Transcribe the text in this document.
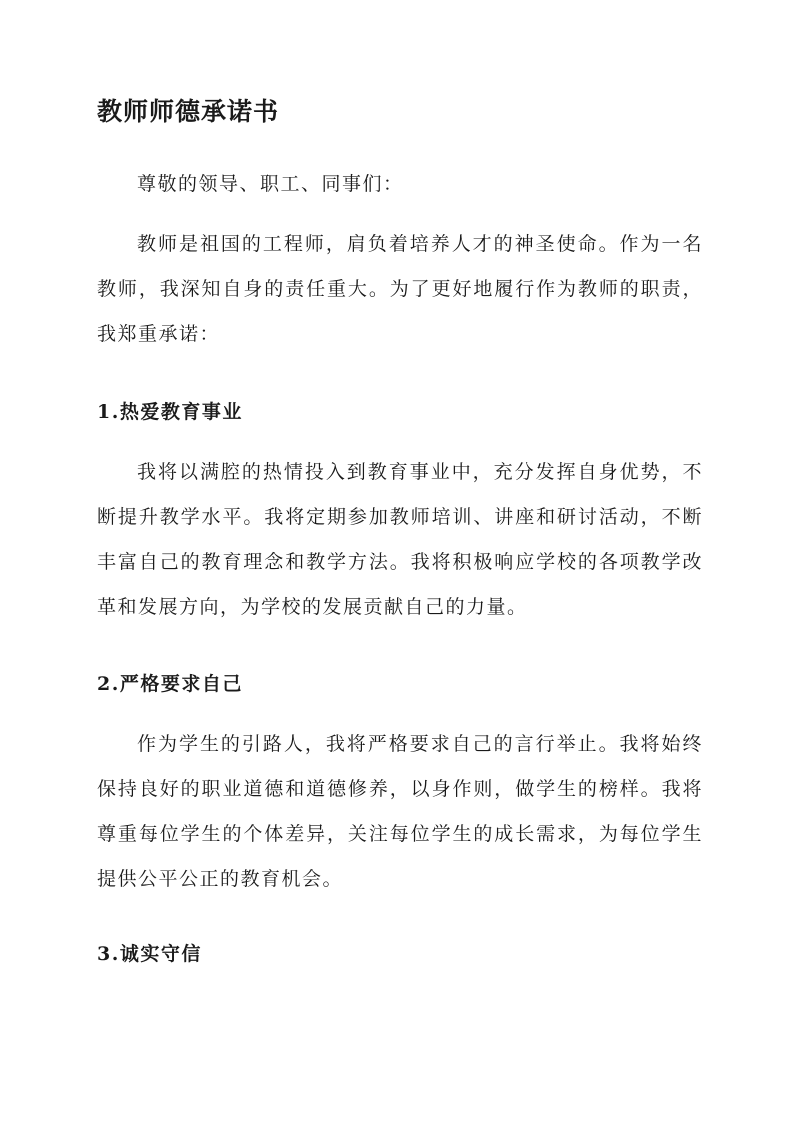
教师师德承诺书

尊敬的领导、职工、同事们：

教师是祖国的工程师，肩负着培养人才的神圣使命。作为一名教师，我深知自身的责任重大。为了更好地履行作为教师的职责，我郑重承诺：

1.热爱教育事业

我将以满腔的热情投入到教育事业中，充分发挥自身优势，不断提升教学水平。我将定期参加教师培训、讲座和研讨活动，不断丰富自己的教育理念和教学方法。我将积极响应学校的各项教学改革和发展方向，为学校的发展贡献自己的力量。

2.严格要求自己

作为学生的引路人，我将严格要求自己的言行举止。我将始终保持良好的职业道德和道德修养，以身作则，做学生的榜样。我将尊重每位学生的个体差异，关注每位学生的成长需求，为每位学生提供公平公正的教育机会。

3.诚实守信
